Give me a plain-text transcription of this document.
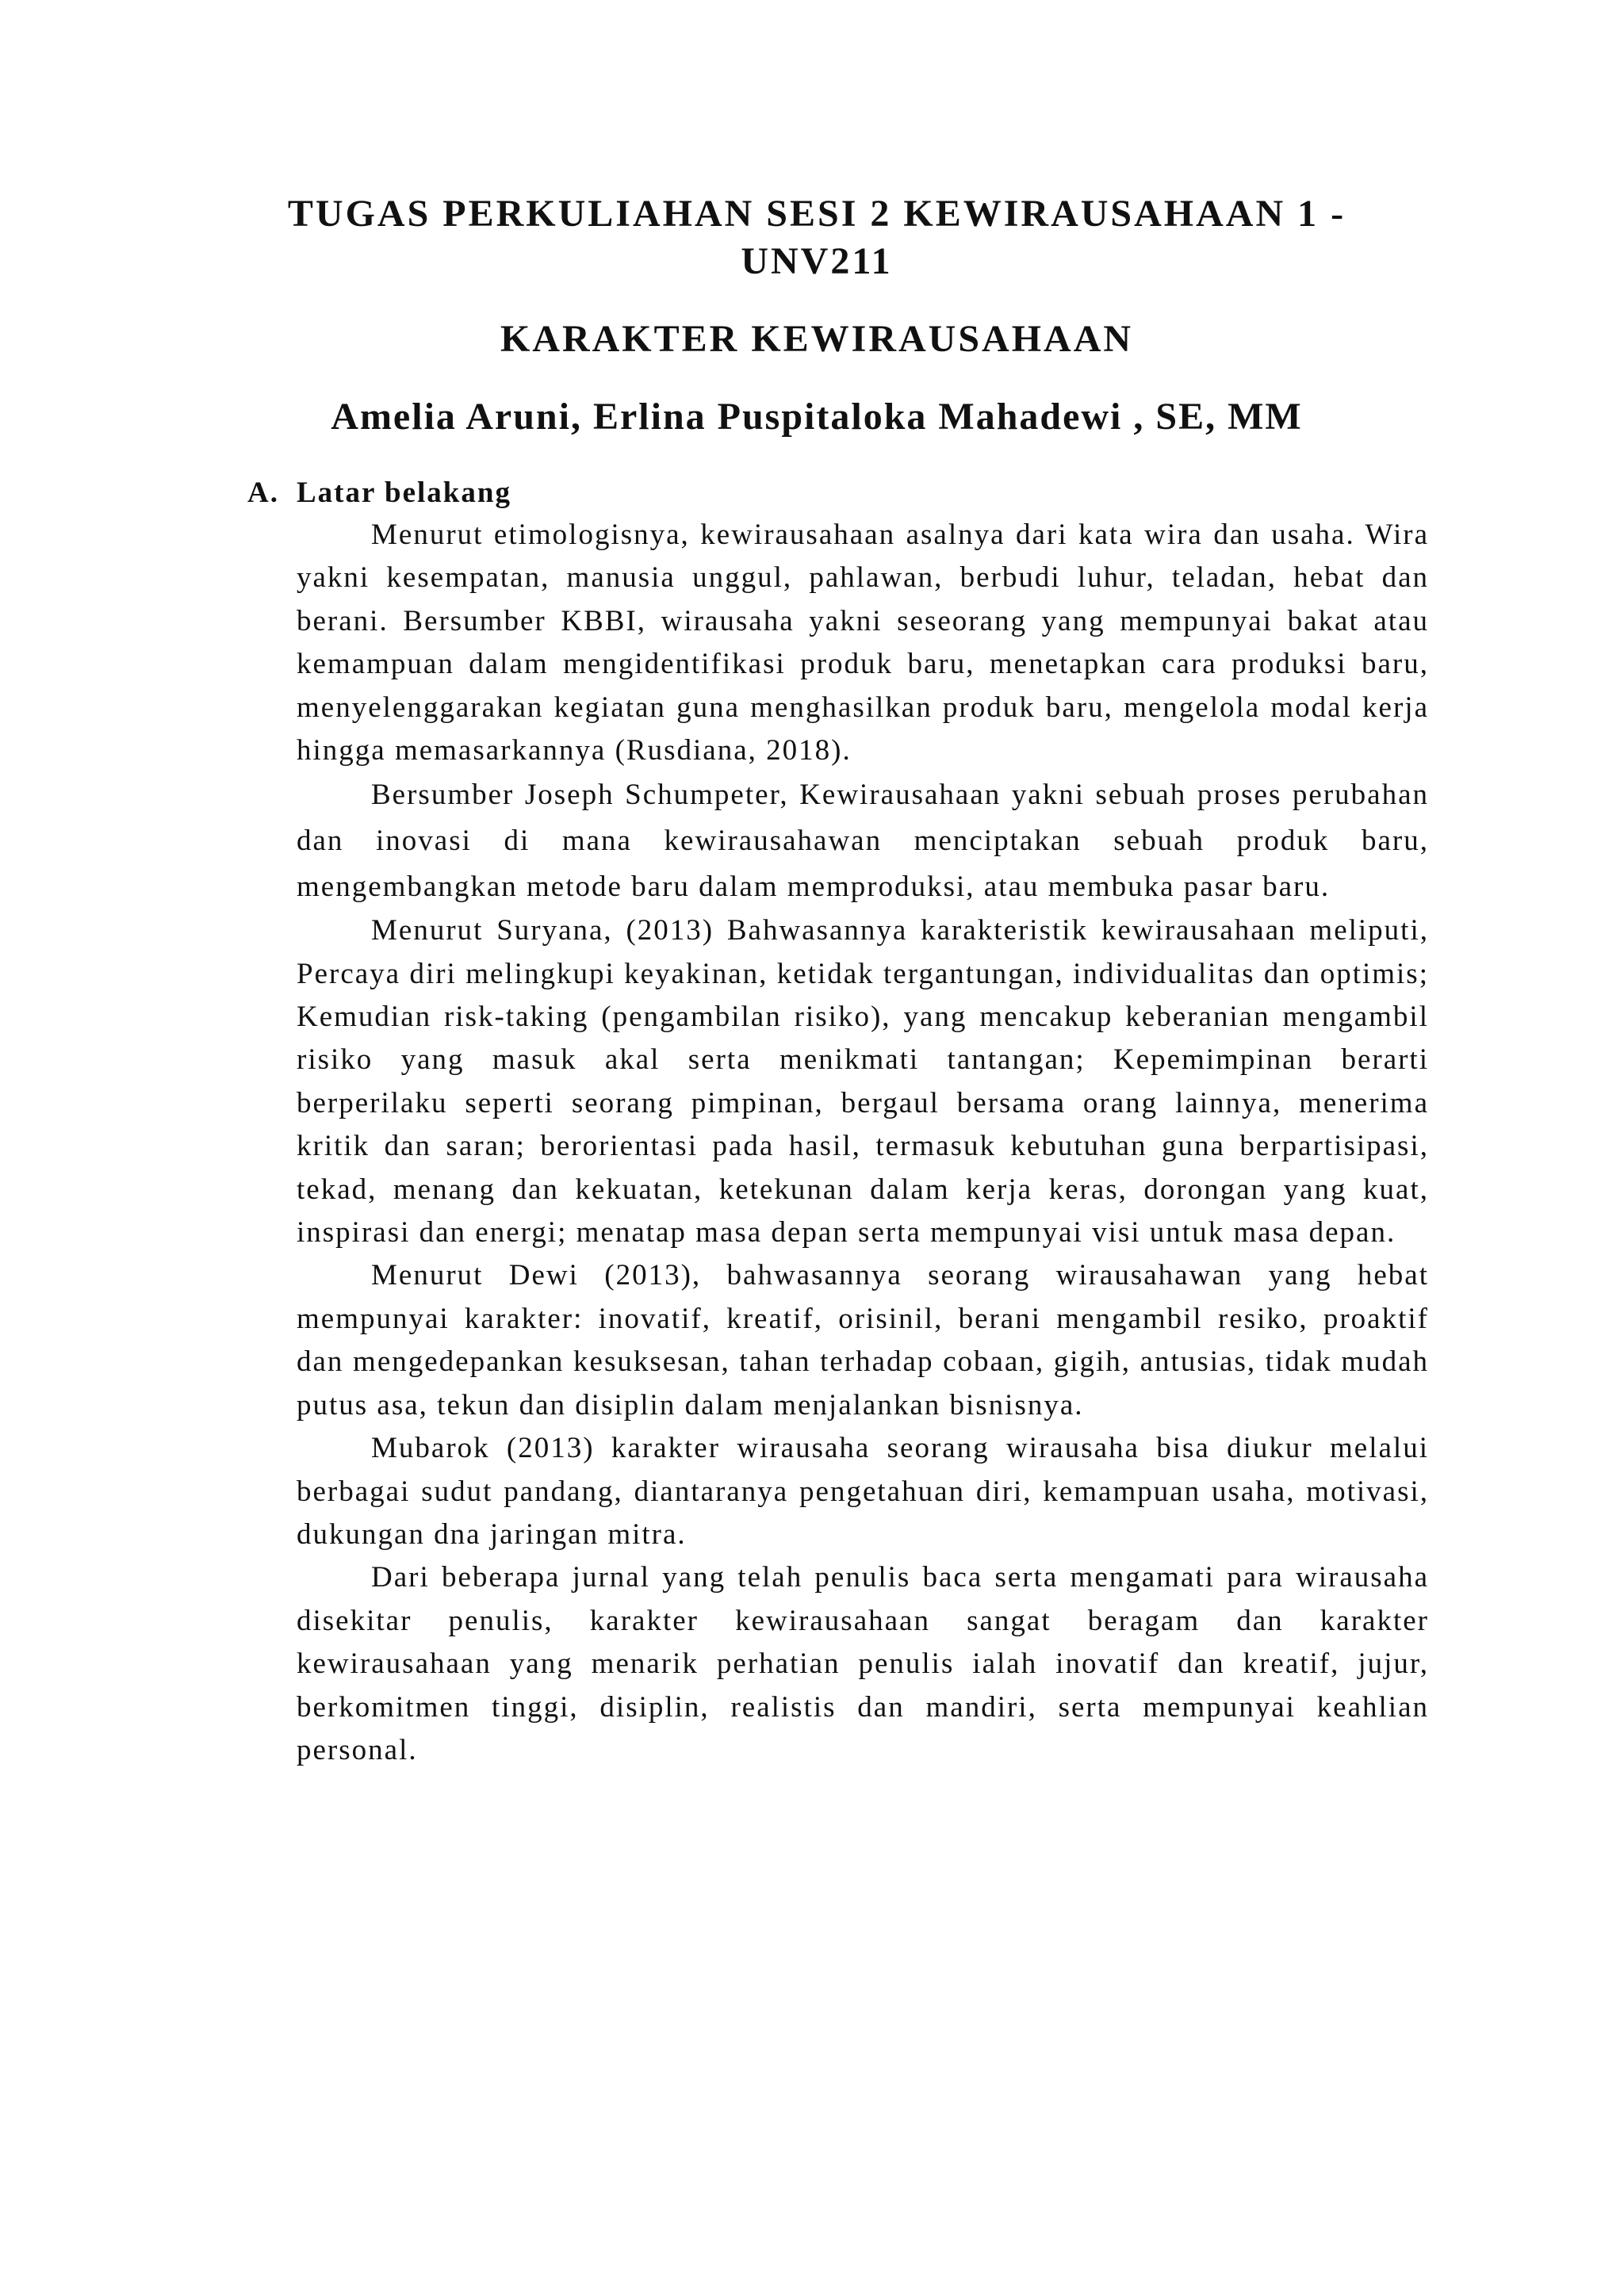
TUGAS PERKULIAHAN SESI 2 KEWIRAUSAHAAN 1 - UNV211
KARAKTER KEWIRAUSAHAAN
Amelia Aruni, Erlina Puspitaloka Mahadewi , SE, MM
A. Latar belakang

Menurut etimologisnya, kewirausahaan asalnya dari kata wira dan usaha. Wira yakni kesempatan, manusia unggul, pahlawan, berbudi luhur, teladan, hebat dan berani. Bersumber KBBI, wirausaha yakni seseorang yang mempunyai bakat atau kemampuan dalam mengidentifikasi produk baru, menetapkan cara produksi baru, menyelenggarakan kegiatan guna menghasilkan produk baru, mengelola modal kerja hingga memasarkannya (Rusdiana, 2018).

Bersumber Joseph Schumpeter, Kewirausahaan yakni sebuah proses perubahan dan inovasi di mana kewirausahawan menciptakan sebuah produk baru, mengembangkan metode baru dalam memproduksi, atau membuka pasar baru.

Menurut Suryana, (2013) Bahwasannya karakteristik kewirausahaan meliputi, Percaya diri melingkupi keyakinan, ketidak tergantungan, individualitas dan optimis; Kemudian risk-taking (pengambilan risiko), yang mencakup keberanian mengambil risiko yang masuk akal serta menikmati tantangan; Kepemimpinan berarti berperilaku seperti seorang pimpinan, bergaul bersama orang lainnya, menerima kritik dan saran; berorientasi pada hasil, termasuk kebutuhan guna berpartisipasi, tekad, menang dan kekuatan, ketekunan dalam kerja keras, dorongan yang kuat, inspirasi dan energi; menatap masa depan serta mempunyai visi untuk masa depan.

Menurut Dewi (2013), bahwasannya seorang wirausahawan yang hebat mempunyai karakter: inovatif, kreatif, orisinil, berani mengambil resiko, proaktif dan mengedepankan kesuksesan, tahan terhadap cobaan, gigih, antusias, tidak mudah putus asa, tekun dan disiplin dalam menjalankan bisnisnya.

Mubarok (2013) karakter wirausaha seorang wirausaha bisa diukur melalui berbagai sudut pandang, diantaranya pengetahuan diri, kemampuan usaha, motivasi, dukungan dna jaringan mitra.

Dari beberapa jurnal yang telah penulis baca serta mengamati para wirausaha disekitar penulis, karakter kewirausahaan sangat beragam dan karakter kewirausahaan yang menarik perhatian penulis ialah inovatif dan kreatif, jujur, berkomitmen tinggi, disiplin, realistis dan mandiri, serta mempunyai keahlian personal.
